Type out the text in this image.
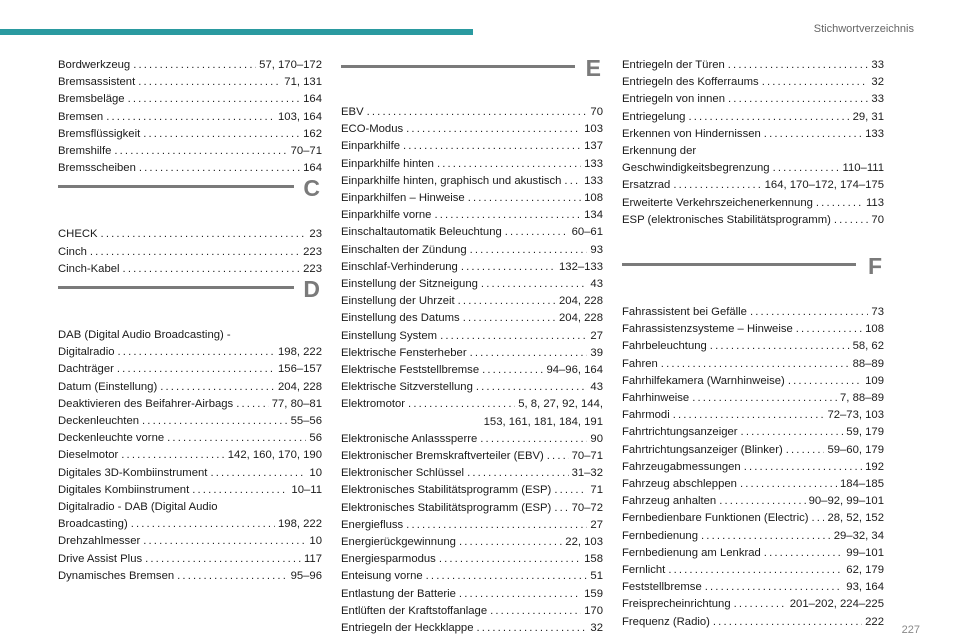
Stichwortverzeichnis
Bordwerkzeug . . .	57, 170–172
Bremsassistent . . .	71, 131
Bremsbeläge . . .	164
Bremsen . . .	103, 164
Bremsflüssigkeit . . .	162
Bremshilfe . . .	70–71
Bremsscheiben . . .	164
C
CHECK . . .	23
Cinch . . .	223
Cinch-Kabel . . .	223
D
DAB (Digital Audio Broadcasting) -
Digitalradio . . .	198, 222
Dachträger . . .	156–157
Datum (Einstellung) . . .	204, 228
Deaktivieren des Beifahrer-Airbags . . .	77, 80–81
Deckenleuchten . . .	55–56
Deckenleuchte vorne . . .	56
Dieselmotor . . .	142, 160, 170, 190
Digitales 3D-Kombiinstrument . . .	10
Digitales Kombiinstrument . . .	10–11
Digitalradio - DAB (Digital Audio
Broadcasting) . . .	198, 222
Drehzahlmesser . . .	10
Drive Assist Plus . . .	117
Dynamisches Bremsen . . .	95–96
E
EBV . . .	70
ECO-Modus . . .	103
Einparkhilfe . . .	137
Einparkhilfe hinten . . .	133
Einparkhilfe hinten, graphisch und akustisch . . . 133
Einparkhilfen – Hinweise . . .	108
Einparkhilfe vorne . . .	134
Einschaltautomatik Beleuchtung . . .	60–61
Einschalten der Zündung . . .	93
Einschlaf-Verhinderung . . .	132–133
Einstellung der Sitzneigung . . .	43
Einstellung der Uhrzeit . . .	204, 228
Einstellung des Datums . . .	204, 228
Einstellung System . . .	27
Elektrische Fensterheber . . .	39
Elektrische Feststellbremse . . .	94–96, 164
Elektrische Sitzverstellung . . .	43
Elektromotor . . .	5, 8, 27, 92, 144,
153, 161, 181, 184, 191
Elektronische Anlasssperre . . .	90
Elektronischer Bremskraftverteiler (EBV) . . . 70–71
Elektronischer Schlüssel . . .	31–32
Elektronisches Stabilitätsprogramm (ESP) . . .	71
Elektronisches Stabilitätsprogramm (ESP) . . . 70–72
Energiefluss . . .	27
Energierückgewinnung . . .	22, 103
Energiesparmodus . . .	158
Enteisung vorne . . .	51
Entlastung der Batterie . . .	159
Entlüften der Kraftstoffanlage . . .	170
Entriegeln der Heckklappe . . .	32
Entriegeln der Türen . . .	33
Entriegeln des Kofferraums . . .	32
Entriegeln von innen . . .	33
Entriegelung . . .	29, 31
Erkennen von Hindernissen . . .	133
Erkennung der
Geschwindigkeitsbegrenzung . . .	110–111
Ersatzrad . . .	164, 170–172, 174–175
Erweiterte Verkehrszeichenerkennung . . .	113
ESP (elektronisches Stabilitätsprogramm) . . .	70
F
Fahrassistent bei Gefälle . . .	73
Fahrassistenzsysteme – Hinweise . . .	108
Fahrbeleuchtung . . .	58, 62
Fahren . . .	88–89
Fahrhilfekamera (Warnhinweise) . . .	109
Fahrhinweise . . .	7, 88–89
Fahrmodi . . .	72–73, 103
Fahrtrichtungsanzeiger . . .	59, 179
Fahrtrichtungsanzeiger (Blinker) . . .	59–60, 179
Fahrzeugabmessungen . . .	192
Fahrzeug abschleppen . . .	184–185
Fahrzeug anhalten . . .	90–92, 99–101
Fernbedienbare Funktionen (Electric) . . . 28, 52, 152
Fernbedienung . . .	29–32, 34
Fernbedienung am Lenkrad . . .	99–101
Fernlicht . . .	62, 179
Feststellbremse . . .	93, 164
Freisprecheinrichtung . . .	201–202, 224–225
Frequenz (Radio) . . .	222
227
